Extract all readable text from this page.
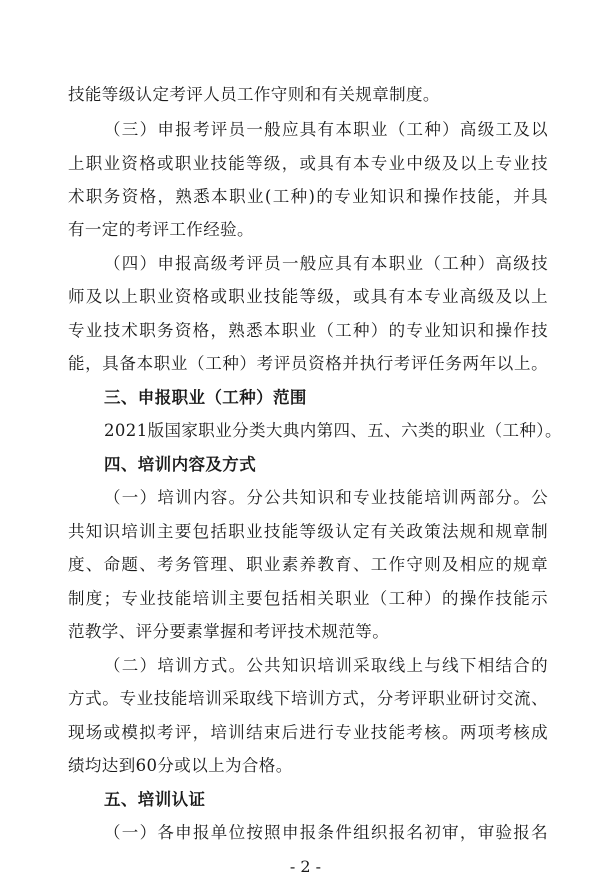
技能等级认定考评人员工作守则和有关规章制度。
（三）申报考评员一般应具有本职业（工种）高级工及以
上职业资格或职业技能等级，或具有本专业中级及以上专业技
术职务资格，熟悉本职业(工种)的专业知识和操作技能，并具
有一定的考评工作经验。
（四）申报高级考评员一般应具有本职业（工种）高级技
师及以上职业资格或职业技能等级，或具有本专业高级及以上
专业技术职务资格，熟悉本职业（工种）的专业知识和操作技
能，具备本职业（工种）考评员资格并执行考评任务两年以上。
三、申报职业（工种）范围
2021版国家职业分类大典内第四、五、六类的职业（工种）。
四、培训内容及方式
（一）培训内容。分公共知识和专业技能培训两部分。公
共知识培训主要包括职业技能等级认定有关政策法规和规章制
度、命题、考务管理、职业素养教育、工作守则及相应的规章
制度；专业技能培训主要包括相关职业（工种）的操作技能示
范教学、评分要素掌握和考评技术规范等。
（二）培训方式。公共知识培训采取线上与线下相结合的
方式。专业技能培训采取线下培训方式，分考评职业研讨交流、
现场或模拟考评，培训结束后进行专业技能考核。两项考核成
绩均达到60分或以上为合格。
五、培训认证
（一）各申报单位按照申报条件组织报名初审，审验报名
- 2 -
